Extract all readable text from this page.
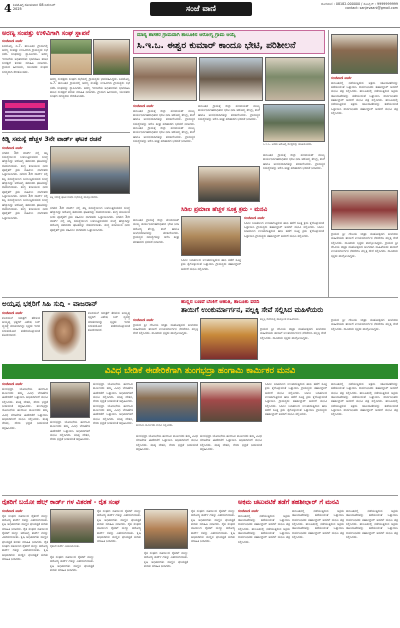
4 ಶಿವಮೊಗ್ಗ ಸೋಮವಾರ 08 ಡಿಸೆಂಬರ್ 2025	ಸಂಜೆ ವಾಣಿ	ದೂರವಾಣಿ : 08182-000000 / ಮೊಬೈಲ್ : 9999999999
contact: sanjevaani@gmail.com
ಅರಣ್ಯ ಸಂಪತ್ತು ಉಳಿವಿಗಾಗಿ ಸಂಘ ಸ್ಥಾಪನೆ
ಸಂಜೆವಾಣಿ ವಾರ್ತೆ
ಶಿವಮೊಗ್ಗ, ಡಿ.7- ತಾಲೂಕಿನ ಗ್ರಾಮದಲ್ಲಿ ಅರಣ್ಯ ಸಂಪತ್ತು ಉಳಿವಿಗಾಗಿ ಗ್ರಾಮಸ್ಥರು ಸಭೆ ನಡೆಸಿ ಸಂಘವನ್ನು ಸ್ಥಾಪಿಸಿದರು. ಅರಣ್ಯ ಇಲಾಖೆಯ ಅಧಿಕಾರಿಗಳು ಭಾಗವಹಿಸಿ ಕಾಡಿನ ಸಂರಕ್ಷಣೆ ಕುರಿತು ಮಾಹಿತಿ ನೀಡಿದರು. ಗ್ರಾಮದ ಹಿರಿಯರು, ಯುವಕರು ಸಂಘದ ಸದಸ್ಯರಾಗಿ ಸೇರಿಕೊಂಡರು.
ಅರಣ್ಯ ಸಂರಕ್ಷಣಾ ಸಂಘದ ಸಭೆಯಲ್ಲಿ ಗ್ರಾಮಸ್ಥರು ಭಾಗವಹಿಸಿದ್ದರು. ಶಿವಮೊಗ್ಗ, ಡಿ.7- ತಾಲೂಕಿನ ಗ್ರಾಮದಲ್ಲಿ ಅರಣ್ಯ ಸಂಪತ್ತು ಉಳಿವಿಗಾಗಿ ಗ್ರಾಮಸ್ಥರು ಸಭೆ ನಡೆಸಿ ಸಂಘವನ್ನು ಸ್ಥಾಪಿಸಿದರು. ಅರಣ್ಯ ಇಲಾಖೆಯ ಅಧಿಕಾರಿಗಳು ಭಾಗವಹಿಸಿ ಕಾಡಿನ ಸಂರಕ್ಷಣೆ ಕುರಿತು ಮಾಹಿತಿ ನೀಡಿದರು. ಗ್ರಾಮದ ಹಿರಿಯರು, ಯುವಕರು ಸಂಘದ ಸದಸ್ಯರಾಗಿ ಸೇರಿಕೊಂಡರು.
ಕಿಡ್ನಿ ಸಮಸ್ಯೆ ಹೆಚ್ಚಳ 3ನೇ ವಾರ್ಡ್ ಘಟಕ ರಚನೆ
ಸಂಜೆವಾಣಿ ವಾರ್ತೆ
ನಗರದ 3ನೇ ವಾರ್ಡ್ ನಲ್ಲಿ ಕಿಡ್ನಿ ಸಮಸ್ಯೆಯಿಂದ ಬಳಲುತ್ತಿರುವವರ ಸಂಖ್ಯೆ ಹೆಚ್ಚಾಗಿದ್ದು ಆರೋಗ್ಯ ತಪಾಸಣಾ ಘಟಕವನ್ನು ರಚಿಸಲಾಯಿತು. ಶುದ್ಧ ಕುಡಿಯುವ ನೀರು ಪೂರೈಕೆಗೆ ಕ್ರಮ ವಹಿಸಲು ನಾಗರಿಕರು ಒತ್ತಾಯಿಸಿದರು. ನಗರದ 3ನೇ ವಾರ್ಡ್ ನಲ್ಲಿ ಕಿಡ್ನಿ ಸಮಸ್ಯೆಯಿಂದ ಬಳಲುತ್ತಿರುವವರ ಸಂಖ್ಯೆ ಹೆಚ್ಚಾಗಿದ್ದು ಆರೋಗ್ಯ ತಪಾಸಣಾ ಘಟಕವನ್ನು ರಚಿಸಲಾಯಿತು. ಶುದ್ಧ ಕುಡಿಯುವ ನೀರು ಪೂರೈಕೆಗೆ ಕ್ರಮ ವಹಿಸಲು ನಾಗರಿಕರು ಒತ್ತಾಯಿಸಿದರು. ನಗರದ 3ನೇ ವಾರ್ಡ್ ನಲ್ಲಿ ಕಿಡ್ನಿ ಸಮಸ್ಯೆಯಿಂದ ಬಳಲುತ್ತಿರುವವರ ಸಂಖ್ಯೆ ಹೆಚ್ಚಾಗಿದ್ದು ಆರೋಗ್ಯ ತಪಾಸಣಾ ಘಟಕವನ್ನು ರಚಿಸಲಾಯಿತು. ಶುದ್ಧ ಕುಡಿಯುವ ನೀರು ಪೂರೈಕೆಗೆ ಕ್ರಮ ವಹಿಸಲು ನಾಗರಿಕರು ಒತ್ತಾಯಿಸಿದರು.
ಕಿಡ್ನಿ ಸಮಸ್ಯೆ ಘಟಕ ರಚನಾ ಸಭೆಯಲ್ಲಿ ಪಾಲ್ಗೊಂಡವರು.
ನಗರದ 3ನೇ ವಾರ್ಡ್ ನಲ್ಲಿ ಕಿಡ್ನಿ ಸಮಸ್ಯೆಯಿಂದ ಬಳಲುತ್ತಿರುವವರ ಸಂಖ್ಯೆ ಹೆಚ್ಚಾಗಿದ್ದು ಆರೋಗ್ಯ ತಪಾಸಣಾ ಘಟಕವನ್ನು ರಚಿಸಲಾಯಿತು. ಶುದ್ಧ ಕುಡಿಯುವ ನೀರು ಪೂರೈಕೆಗೆ ಕ್ರಮ ವಹಿಸಲು ನಾಗರಿಕರು ಒತ್ತಾಯಿಸಿದರು. ನಗರದ 3ನೇ ವಾರ್ಡ್ ನಲ್ಲಿ ಕಿಡ್ನಿ ಸಮಸ್ಯೆಯಿಂದ ಬಳಲುತ್ತಿರುವವರ ಸಂಖ್ಯೆ ಹೆಚ್ಚಾಗಿದ್ದು ಆರೋಗ್ಯ ತಪಾಸಣಾ ಘಟಕವನ್ನು ರಚಿಸಲಾಯಿತು. ಶುದ್ಧ ಕುಡಿಯುವ ನೀರು ಪೂರೈಕೆಗೆ ಕ್ರಮ ವಹಿಸಲು ನಾಗರಿಕರು ಒತ್ತಾಯಿಸಿದರು.
ಮಾನ್ಯ ಶಾಸಕರ ಗ್ರಾಮವಾಗಿ ತಾಲೂಕಿನ ಆರೋಗ್ಯ ಗ್ರಾಮ ಆಯ್ಕೆ
ಸಿ.ಇ.ಒ. ಈಶ್ವರ ಕುಮಾರ್ ಕಾಂದೂ ಭೇಟಿ, ಪರಿಶೀಲನೆ
ಸಂಜೆವಾಣಿ ವಾರ್ತೆ
ತಾಲೂಕಿನ ಗ್ರಾಮಕ್ಕೆ ಜಿಲ್ಲಾ ಪಂಚಾಯತ್ ಮುಖ್ಯ ಕಾರ್ಯನಿರ್ವಹಣಾಧಿಕಾರಿ ಭೇಟಿ ನೀಡಿ ಆರೋಗ್ಯ ಕೇಂದ್ರ, ಶಾಲೆ ಹಾಗೂ ಅಂಗನವಾಡಿಗಳನ್ನು ಪರಿಶೀಲಿಸಿದರು. ಗ್ರಾಮಸ್ಥರ ಸಮಸ್ಯೆಗಳನ್ನು ಆಲಿಸಿ ಶೀಘ್ರ ಪರಿಹಾರದ ಭರವಸೆ ನೀಡಿದರು. ತಾಲೂಕಿನ ಗ್ರಾಮಕ್ಕೆ ಜಿಲ್ಲಾ ಪಂಚಾಯತ್ ಮುಖ್ಯ ಕಾರ್ಯನಿರ್ವಹಣಾಧಿಕಾರಿ ಭೇಟಿ ನೀಡಿ ಆರೋಗ್ಯ ಕೇಂದ್ರ, ಶಾಲೆ ಹಾಗೂ ಅಂಗನವಾಡಿಗಳನ್ನು ಪರಿಶೀಲಿಸಿದರು. ಗ್ರಾಮಸ್ಥರ ಸಮಸ್ಯೆಗಳನ್ನು ಆಲಿಸಿ ಶೀಘ್ರ ಪರಿಹಾರದ ಭರವಸೆ ನೀಡಿದರು.
ತಾಲೂಕಿನ ಗ್ರಾಮಕ್ಕೆ ಜಿಲ್ಲಾ ಪಂಚಾಯತ್ ಮುಖ್ಯ ಕಾರ್ಯನಿರ್ವಹಣಾಧಿಕಾರಿ ಭೇಟಿ ನೀಡಿ ಆರೋಗ್ಯ ಕೇಂದ್ರ, ಶಾಲೆ ಹಾಗೂ ಅಂಗನವಾಡಿಗಳನ್ನು ಪರಿಶೀಲಿಸಿದರು. ಗ್ರಾಮಸ್ಥರ ಸಮಸ್ಯೆಗಳನ್ನು ಆಲಿಸಿ ಶೀಘ್ರ ಪರಿಹಾರದ ಭರವಸೆ ನೀಡಿದರು.
ಸಿ.ಇ.ಒ. ಅವರು ಆರೋಗ್ಯ ಕೇಂದ್ರವನ್ನು ಪರಿಶೀಲಿಸಿದರು.
ತಾಲೂಕಿನ ಗ್ರಾಮಕ್ಕೆ ಜಿಲ್ಲಾ ಪಂಚಾಯತ್ ಮುಖ್ಯ ಕಾರ್ಯನಿರ್ವಹಣಾಧಿಕಾರಿ ಭೇಟಿ ನೀಡಿ ಆರೋಗ್ಯ ಕೇಂದ್ರ, ಶಾಲೆ ಹಾಗೂ ಅಂಗನವಾಡಿಗಳನ್ನು ಪರಿಶೀಲಿಸಿದರು. ಗ್ರಾಮಸ್ಥರ ಸಮಸ್ಯೆಗಳನ್ನು ಆಲಿಸಿ ಶೀಘ್ರ ಪರಿಹಾರದ ಭರವಸೆ ನೀಡಿದರು.
ಸಿಡಿಲ ಪ್ರಮಾಣ ಹೆಚ್ಚಳ ಸೂಕ್ತ ಕ್ರಮ - ಮನವಿ
ಸಂಜೆವಾಣಿ ವಾರ್ತೆ
ಸಿಡಿಲು ಬಡಿತದಿಂದ ಉಂಟಾಗುತ್ತಿರುವ ಹಾನಿ ತಡೆಗೆ ಸೂಕ್ತ ಕ್ರಮ ಕೈಗೊಳ್ಳುವಂತೆ ಒತ್ತಾಯಿಸಿ ಗ್ರಾಮಸ್ಥರು ತಹಶೀಲ್ದಾರ್ ಅವರಿಗೆ ಮನವಿ ಸಲ್ಲಿಸಿದರು. ಸಿಡಿಲು ಬಡಿತದಿಂದ ಉಂಟಾಗುತ್ತಿರುವ ಹಾನಿ ತಡೆಗೆ ಸೂಕ್ತ ಕ್ರಮ ಕೈಗೊಳ್ಳುವಂತೆ ಒತ್ತಾಯಿಸಿ ಗ್ರಾಮಸ್ಥರು ತಹಶೀಲ್ದಾರ್ ಅವರಿಗೆ ಮನವಿ ಸಲ್ಲಿಸಿದರು.
ತಾಲೂಕಿನ ಗ್ರಾಮಕ್ಕೆ ಜಿಲ್ಲಾ ಪಂಚಾಯತ್ ಮುಖ್ಯ ಕಾರ್ಯನಿರ್ವಹಣಾಧಿಕಾರಿ ಭೇಟಿ ನೀಡಿ ಆರೋಗ್ಯ ಕೇಂದ್ರ, ಶಾಲೆ ಹಾಗೂ ಅಂಗನವಾಡಿಗಳನ್ನು ಪರಿಶೀಲಿಸಿದರು. ಗ್ರಾಮಸ್ಥರ ಸಮಸ್ಯೆಗಳನ್ನು ಆಲಿಸಿ ಶೀಘ್ರ ಪರಿಹಾರದ ಭರವಸೆ ನೀಡಿದರು.
ಸಿಡಿಲು ಬಡಿತದಿಂದ ಉಂಟಾಗುತ್ತಿರುವ ಹಾನಿ ತಡೆಗೆ ಸೂಕ್ತ ಕ್ರಮ ಕೈಗೊಳ್ಳುವಂತೆ ಒತ್ತಾಯಿಸಿ ಗ್ರಾಮಸ್ಥರು ತಹಶೀಲ್ದಾರ್ ಅವರಿಗೆ ಮನವಿ ಸಲ್ಲಿಸಿದರು.
ಸಂಜೆವಾಣಿ ವಾರ್ತೆ
ತಾಲೂಕಿನಲ್ಲಿ ನಡೆಯುತ್ತಿರುವ ಅಕ್ರಮ ಚಟುವಟಿಕೆಗಳನ್ನು ತಡೆಯುವಂತೆ ಒತ್ತಾಯಿಸಿ ಸಾರ್ವಜನಿಕರು ತಹಶೀಲ್ದಾರ್ ಅವರಿಗೆ ಮನವಿ ಪತ್ರ ಸಲ್ಲಿಸಿದರು. ತಾಲೂಕಿನಲ್ಲಿ ನಡೆಯುತ್ತಿರುವ ಅಕ್ರಮ ಚಟುವಟಿಕೆಗಳನ್ನು ತಡೆಯುವಂತೆ ಒತ್ತಾಯಿಸಿ ಸಾರ್ವಜನಿಕರು ತಹಶೀಲ್ದಾರ್ ಅವರಿಗೆ ಮನವಿ ಪತ್ರ ಸಲ್ಲಿಸಿದರು. ತಾಲೂಕಿನಲ್ಲಿ ನಡೆಯುತ್ತಿರುವ ಅಕ್ರಮ ಚಟುವಟಿಕೆಗಳನ್ನು ತಡೆಯುವಂತೆ ಒತ್ತಾಯಿಸಿ ಸಾರ್ವಜನಿಕರು ತಹಶೀಲ್ದಾರ್ ಅವರಿಗೆ ಮನವಿ ಪತ್ರ ಸಲ್ಲಿಸಿದರು.
ಗ್ರಾಮದ ಶ್ರೀ ದೇವಿಯ ಜಾತ್ರಾ ಮಹೋತ್ಸವದ ಅಂಗವಾಗಿ ಮಹಿಳೆಯರು ತಾಯಿಗೆ ಉಂಕುರ್ಮಾರ್ಗನ ನೆರವೇರಿಸಿ ಪಲ್ಲಕ್ಕಿ ಸೇವೆ ಸಲ್ಲಿಸಿದರು. ಸಾವಿರಾರು ಭಕ್ತರು ಪಾಲ್ಗೊಂಡಿದ್ದರು. ಗ್ರಾಮದ ಶ್ರೀ ದೇವಿಯ ಜಾತ್ರಾ ಮಹೋತ್ಸವದ ಅಂಗವಾಗಿ ಮಹಿಳೆಯರು ತಾಯಿಗೆ ಉಂಕುರ್ಮಾರ್ಗನ ನೆರವೇರಿಸಿ ಪಲ್ಲಕ್ಕಿ ಸೇವೆ ಸಲ್ಲಿಸಿದರು. ಸಾವಿರಾರು ಭಕ್ತರು ಪಾಲ್ಗೊಂಡಿದ್ದರು.
ಅಯ್ಯಪ್ಪ ಭಕ್ತರಿಗೆ ಸಿಹಿ ಸುದ್ದಿ - ವಾಜರಾನ್
ಸಂಜೆವಾಣಿ ವಾರ್ತೆ
ಶಬರಿಮಲೆ ಯಾತ್ರೆಗೆ ತೆರಳುವ ಅಯ್ಯಪ್ಪ ಭಕ್ತರಿಗೆ ವಿಶೇಷ ಬಸ್ ವ್ಯವಸ್ಥೆ ಮಾಡಲಾಗಿದ್ದು ಭಕ್ತರು ಇದರ ಸದುಪಯೋಗ ಪಡೆದುಕೊಳ್ಳುವಂತೆ ಕೋರಲಾಗಿದೆ.
ಶಬರಿಮಲೆ ಯಾತ್ರೆಗೆ ತೆರಳುವ ಅಯ್ಯಪ್ಪ ಭಕ್ತರಿಗೆ ವಿಶೇಷ ಬಸ್ ವ್ಯವಸ್ಥೆ ಮಾಡಲಾಗಿದ್ದು ಭಕ್ತರು ಇದರ ಸದುಪಯೋಗ ಪಡೆದುಕೊಳ್ಳುವಂತೆ ಕೋರಲಾಗಿದೆ.
ಹುಲ್ಲಿನ ಬಣವೆ ಬೆಂಕಿಗೆ ಆಹುತಿ, ತಾಲೂಕು ವರದಿ
ತಾಯಿಗೆ ಉಂಕುರ್ಮಾರ್ಗನ, ಪಲ್ಲಕ್ಕಿ ಸೇವೆ ಸಲ್ಲಿಸಿದ ಮಹಿಳೆಯರು
ಸಂಜೆವಾಣಿ ವಾರ್ತೆ
ಗ್ರಾಮದ ಶ್ರೀ ದೇವಿಯ ಜಾತ್ರಾ ಮಹೋತ್ಸವದ ಅಂಗವಾಗಿ ಮಹಿಳೆಯರು ತಾಯಿಗೆ ಉಂಕುರ್ಮಾರ್ಗನ ನೆರವೇರಿಸಿ ಪಲ್ಲಕ್ಕಿ ಸೇವೆ ಸಲ್ಲಿಸಿದರು. ಸಾವಿರಾರು ಭಕ್ತರು ಪಾಲ್ಗೊಂಡಿದ್ದರು.
ಪಲ್ಲಕ್ಕಿ ಸೇವೆಯಲ್ಲಿ ಪಾಲ್ಗೊಂಡ ಮಹಿಳೆಯರು.
ಗ್ರಾಮದ ಶ್ರೀ ದೇವಿಯ ಜಾತ್ರಾ ಮಹೋತ್ಸವದ ಅಂಗವಾಗಿ ಮಹಿಳೆಯರು ತಾಯಿಗೆ ಉಂಕುರ್ಮಾರ್ಗನ ನೆರವೇರಿಸಿ ಪಲ್ಲಕ್ಕಿ ಸೇವೆ ಸಲ್ಲಿಸಿದರು. ಸಾವಿರಾರು ಭಕ್ತರು ಪಾಲ್ಗೊಂಡಿದ್ದರು.
ಗ್ರಾಮದ ಶ್ರೀ ದೇವಿಯ ಜಾತ್ರಾ ಮಹೋತ್ಸವದ ಅಂಗವಾಗಿ ಮಹಿಳೆಯರು ತಾಯಿಗೆ ಉಂಕುರ್ಮಾರ್ಗನ ನೆರವೇರಿಸಿ ಪಲ್ಲಕ್ಕಿ ಸೇವೆ ಸಲ್ಲಿಸಿದರು. ಸಾವಿರಾರು ಭಕ್ತರು ಪಾಲ್ಗೊಂಡಿದ್ದರು.
ವಿವಿಧ ಬೇಡಿಕೆ ಈಡೇರಿಕೆಗಾಗಿ ತುಂಗಭದ್ರಾ ಹಂಗಾಮಿ ಕಾರ್ಮಿಕರ ಮನವಿ
ಸಂಜೆವಾಣಿ ವಾರ್ತೆ
ತುಂಗಭದ್ರಾ ಯೋಜನೆಯ ಹಂಗಾಮಿ ಕಾರ್ಮಿಕರು ತಮ್ಮ ವಿವಿಧ ಬೇಡಿಕೆಗಳ ಈಡೇರಿಕೆಗೆ ಒತ್ತಾಯಿಸಿ ಅಧಿಕಾರಿಗಳಿಗೆ ಮನವಿ ಸಲ್ಲಿಸಿದರು. ಕನಿಷ್ಠ ವೇತನ, ಸೇವಾ ಭದ್ರತೆ ನೀಡುವಂತೆ ಆಗ್ರಹಿಸಿದರು. ತುಂಗಭದ್ರಾ ಯೋಜನೆಯ ಹಂಗಾಮಿ ಕಾರ್ಮಿಕರು ತಮ್ಮ ವಿವಿಧ ಬೇಡಿಕೆಗಳ ಈಡೇರಿಕೆಗೆ ಒತ್ತಾಯಿಸಿ ಅಧಿಕಾರಿಗಳಿಗೆ ಮನವಿ ಸಲ್ಲಿಸಿದರು. ಕನಿಷ್ಠ ವೇತನ, ಸೇವಾ ಭದ್ರತೆ ನೀಡುವಂತೆ ಆಗ್ರಹಿಸಿದರು.
ತುಂಗಭದ್ರಾ ಯೋಜನೆಯ ಹಂಗಾಮಿ ಕಾರ್ಮಿಕರು ತಮ್ಮ ವಿವಿಧ ಬೇಡಿಕೆಗಳ ಈಡೇರಿಕೆಗೆ ಒತ್ತಾಯಿಸಿ ಅಧಿಕಾರಿಗಳಿಗೆ ಮನವಿ ಸಲ್ಲಿಸಿದರು. ಕನಿಷ್ಠ ವೇತನ, ಸೇವಾ ಭದ್ರತೆ ನೀಡುವಂತೆ ಆಗ್ರಹಿಸಿದರು.
ತುಂಗಭದ್ರಾ ಯೋಜನೆಯ ಹಂಗಾಮಿ ಕಾರ್ಮಿಕರು ತಮ್ಮ ವಿವಿಧ ಬೇಡಿಕೆಗಳ ಈಡೇರಿಕೆಗೆ ಒತ್ತಾಯಿಸಿ ಅಧಿಕಾರಿಗಳಿಗೆ ಮನವಿ ಸಲ್ಲಿಸಿದರು. ಕನಿಷ್ಠ ವೇತನ, ಸೇವಾ ಭದ್ರತೆ ನೀಡುವಂತೆ ಆಗ್ರಹಿಸಿದರು. ತುಂಗಭದ್ರಾ ಯೋಜನೆಯ ಹಂಗಾಮಿ ಕಾರ್ಮಿಕರು ತಮ್ಮ ವಿವಿಧ ಬೇಡಿಕೆಗಳ ಈಡೇರಿಕೆಗೆ ಒತ್ತಾಯಿಸಿ ಅಧಿಕಾರಿಗಳಿಗೆ ಮನವಿ ಸಲ್ಲಿಸಿದರು. ಕನಿಷ್ಠ ವೇತನ, ಸೇವಾ ಭದ್ರತೆ ನೀಡುವಂತೆ ಆಗ್ರಹಿಸಿದರು.
ಹಂಗಾಮಿ ಕಾರ್ಮಿಕರು ಮನವಿ ಸಲ್ಲಿಸಿದರು.
ತುಂಗಭದ್ರಾ ಯೋಜನೆಯ ಹಂಗಾಮಿ ಕಾರ್ಮಿಕರು ತಮ್ಮ ವಿವಿಧ ಬೇಡಿಕೆಗಳ ಈಡೇರಿಕೆಗೆ ಒತ್ತಾಯಿಸಿ ಅಧಿಕಾರಿಗಳಿಗೆ ಮನವಿ ಸಲ್ಲಿಸಿದರು. ಕನಿಷ್ಠ ವೇತನ, ಸೇವಾ ಭದ್ರತೆ ನೀಡುವಂತೆ ಆಗ್ರಹಿಸಿದರು.
ತುಂಗಭದ್ರಾ ಯೋಜನೆಯ ಹಂಗಾಮಿ ಕಾರ್ಮಿಕರು ತಮ್ಮ ವಿವಿಧ ಬೇಡಿಕೆಗಳ ಈಡೇರಿಕೆಗೆ ಒತ್ತಾಯಿಸಿ ಅಧಿಕಾರಿಗಳಿಗೆ ಮನವಿ ಸಲ್ಲಿಸಿದರು. ಕನಿಷ್ಠ ವೇತನ, ಸೇವಾ ಭದ್ರತೆ ನೀಡುವಂತೆ ಆಗ್ರಹಿಸಿದರು.
ಸಿಡಿಲು ಬಡಿತದಿಂದ ಉಂಟಾಗುತ್ತಿರುವ ಹಾನಿ ತಡೆಗೆ ಸೂಕ್ತ ಕ್ರಮ ಕೈಗೊಳ್ಳುವಂತೆ ಒತ್ತಾಯಿಸಿ ಗ್ರಾಮಸ್ಥರು ತಹಶೀಲ್ದಾರ್ ಅವರಿಗೆ ಮನವಿ ಸಲ್ಲಿಸಿದರು. ಸಿಡಿಲು ಬಡಿತದಿಂದ ಉಂಟಾಗುತ್ತಿರುವ ಹಾನಿ ತಡೆಗೆ ಸೂಕ್ತ ಕ್ರಮ ಕೈಗೊಳ್ಳುವಂತೆ ಒತ್ತಾಯಿಸಿ ಗ್ರಾಮಸ್ಥರು ತಹಶೀಲ್ದಾರ್ ಅವರಿಗೆ ಮನವಿ ಸಲ್ಲಿಸಿದರು. ಸಿಡಿಲು ಬಡಿತದಿಂದ ಉಂಟಾಗುತ್ತಿರುವ ಹಾನಿ ತಡೆಗೆ ಸೂಕ್ತ ಕ್ರಮ ಕೈಗೊಳ್ಳುವಂತೆ ಒತ್ತಾಯಿಸಿ ಗ್ರಾಮಸ್ಥರು ತಹಶೀಲ್ದಾರ್ ಅವರಿಗೆ ಮನವಿ ಸಲ್ಲಿಸಿದರು.
ತಾಲೂಕಿನಲ್ಲಿ ನಡೆಯುತ್ತಿರುವ ಅಕ್ರಮ ಚಟುವಟಿಕೆಗಳನ್ನು ತಡೆಯುವಂತೆ ಒತ್ತಾಯಿಸಿ ಸಾರ್ವಜನಿಕರು ತಹಶೀಲ್ದಾರ್ ಅವರಿಗೆ ಮನವಿ ಪತ್ರ ಸಲ್ಲಿಸಿದರು. ತಾಲೂಕಿನಲ್ಲಿ ನಡೆಯುತ್ತಿರುವ ಅಕ್ರಮ ಚಟುವಟಿಕೆಗಳನ್ನು ತಡೆಯುವಂತೆ ಒತ್ತಾಯಿಸಿ ಸಾರ್ವಜನಿಕರು ತಹಶೀಲ್ದಾರ್ ಅವರಿಗೆ ಮನವಿ ಪತ್ರ ಸಲ್ಲಿಸಿದರು. ತಾಲೂಕಿನಲ್ಲಿ ನಡೆಯುತ್ತಿರುವ ಅಕ್ರಮ ಚಟುವಟಿಕೆಗಳನ್ನು ತಡೆಯುವಂತೆ ಒತ್ತಾಯಿಸಿ ಸಾರ್ವಜನಿಕರು ತಹಶೀಲ್ದಾರ್ ಅವರಿಗೆ ಮನವಿ ಪತ್ರ ಸಲ್ಲಿಸಿದರು.
ರೈತರಿಗೆ ಬಯೋ ಹೆಲ್ತ್ ಕಾರ್ಡ್ ಗಳ ವಿತರಣೆ - ರೈತ ಸಂಘ	ಅಕ್ರಮ ಚಟುವಟಿಕೆ ತಡೆಗೆ ತಹಶೀಲ್ದಾರ್ ಗೆ ಮನವಿ
ಸಂಜೆವಾಣಿ ವಾರ್ತೆ
ರೈತ ಸಂಘದ ವತಿಯಿಂದ ರೈತರಿಗೆ ಮಣ್ಣು ಆರೋಗ್ಯ ಕಾರ್ಡ್ ಗಳನ್ನು ವಿತರಿಸಲಾಯಿತು. ಕೃಷಿ ಅಧಿಕಾರಿಗಳು ಮಣ್ಣಿನ ಫಲವತ್ತತೆ ಕುರಿತು ಮಾಹಿತಿ ನೀಡಿದರು. ರೈತ ಸಂಘದ ವತಿಯಿಂದ ರೈತರಿಗೆ ಮಣ್ಣು ಆರೋಗ್ಯ ಕಾರ್ಡ್ ಗಳನ್ನು ವಿತರಿಸಲಾಯಿತು. ಕೃಷಿ ಅಧಿಕಾರಿಗಳು ಮಣ್ಣಿನ ಫಲವತ್ತತೆ ಕುರಿತು ಮಾಹಿತಿ ನೀಡಿದರು. ರೈತ ಸಂಘದ ವತಿಯಿಂದ ರೈತರಿಗೆ ಮಣ್ಣು ಆರೋಗ್ಯ ಕಾರ್ಡ್ ಗಳನ್ನು ವಿತರಿಸಲಾಯಿತು. ಕೃಷಿ ಅಧಿಕಾರಿಗಳು ಮಣ್ಣಿನ ಫಲವತ್ತತೆ ಕುರಿತು ಮಾಹಿತಿ ನೀಡಿದರು.
ರೈತರಿಗೆ ಕಾರ್ಡ್ ವಿತರಿಸಲಾಯಿತು.
ರೈತ ಸಂಘದ ವತಿಯಿಂದ ರೈತರಿಗೆ ಮಣ್ಣು ಆರೋಗ್ಯ ಕಾರ್ಡ್ ಗಳನ್ನು ವಿತರಿಸಲಾಯಿತು. ಕೃಷಿ ಅಧಿಕಾರಿಗಳು ಮಣ್ಣಿನ ಫಲವತ್ತತೆ ಕುರಿತು ಮಾಹಿತಿ ನೀಡಿದರು.
ರೈತ ಸಂಘದ ವತಿಯಿಂದ ರೈತರಿಗೆ ಮಣ್ಣು ಆರೋಗ್ಯ ಕಾರ್ಡ್ ಗಳನ್ನು ವಿತರಿಸಲಾಯಿತು. ಕೃಷಿ ಅಧಿಕಾರಿಗಳು ಮಣ್ಣಿನ ಫಲವತ್ತತೆ ಕುರಿತು ಮಾಹಿತಿ ನೀಡಿದರು. ರೈತ ಸಂಘದ ವತಿಯಿಂದ ರೈತರಿಗೆ ಮಣ್ಣು ಆರೋಗ್ಯ ಕಾರ್ಡ್ ಗಳನ್ನು ವಿತರಿಸಲಾಯಿತು. ಕೃಷಿ ಅಧಿಕಾರಿಗಳು ಮಣ್ಣಿನ ಫಲವತ್ತತೆ ಕುರಿತು ಮಾಹಿತಿ ನೀಡಿದರು.
ರೈತ ಸಂಘದ ವತಿಯಿಂದ ರೈತರಿಗೆ ಮಣ್ಣು ಆರೋಗ್ಯ ಕಾರ್ಡ್ ಗಳನ್ನು ವಿತರಿಸಲಾಯಿತು. ಕೃಷಿ ಅಧಿಕಾರಿಗಳು ಮಣ್ಣಿನ ಫಲವತ್ತತೆ ಕುರಿತು ಮಾಹಿತಿ ನೀಡಿದರು.
ರೈತ ಸಂಘದ ವತಿಯಿಂದ ರೈತರಿಗೆ ಮಣ್ಣು ಆರೋಗ್ಯ ಕಾರ್ಡ್ ಗಳನ್ನು ವಿತರಿಸಲಾಯಿತು. ಕೃಷಿ ಅಧಿಕಾರಿಗಳು ಮಣ್ಣಿನ ಫಲವತ್ತತೆ ಕುರಿತು ಮಾಹಿತಿ ನೀಡಿದರು. ರೈತ ಸಂಘದ ವತಿಯಿಂದ ರೈತರಿಗೆ ಮಣ್ಣು ಆರೋಗ್ಯ ಕಾರ್ಡ್ ಗಳನ್ನು ವಿತರಿಸಲಾಯಿತು. ಕೃಷಿ ಅಧಿಕಾರಿಗಳು ಮಣ್ಣಿನ ಫಲವತ್ತತೆ ಕುರಿತು ಮಾಹಿತಿ ನೀಡಿದರು.
ಸಂಜೆವಾಣಿ ವಾರ್ತೆ
ತಾಲೂಕಿನಲ್ಲಿ ನಡೆಯುತ್ತಿರುವ ಅಕ್ರಮ ಚಟುವಟಿಕೆಗಳನ್ನು ತಡೆಯುವಂತೆ ಒತ್ತಾಯಿಸಿ ಸಾರ್ವಜನಿಕರು ತಹಶೀಲ್ದಾರ್ ಅವರಿಗೆ ಮನವಿ ಪತ್ರ ಸಲ್ಲಿಸಿದರು. ತಾಲೂಕಿನಲ್ಲಿ ನಡೆಯುತ್ತಿರುವ ಅಕ್ರಮ ಚಟುವಟಿಕೆಗಳನ್ನು ತಡೆಯುವಂತೆ ಒತ್ತಾಯಿಸಿ ಸಾರ್ವಜನಿಕರು ತಹಶೀಲ್ದಾರ್ ಅವರಿಗೆ ಮನವಿ ಪತ್ರ ಸಲ್ಲಿಸಿದರು.
ತಾಲೂಕಿನಲ್ಲಿ ನಡೆಯುತ್ತಿರುವ ಅಕ್ರಮ ಚಟುವಟಿಕೆಗಳನ್ನು ತಡೆಯುವಂತೆ ಒತ್ತಾಯಿಸಿ ಸಾರ್ವಜನಿಕರು ತಹಶೀಲ್ದಾರ್ ಅವರಿಗೆ ಮನವಿ ಪತ್ರ ಸಲ್ಲಿಸಿದರು. ತಾಲೂಕಿನಲ್ಲಿ ನಡೆಯುತ್ತಿರುವ ಅಕ್ರಮ ಚಟುವಟಿಕೆಗಳನ್ನು ತಡೆಯುವಂತೆ ಒತ್ತಾಯಿಸಿ ಸಾರ್ವಜನಿಕರು ತಹಶೀಲ್ದಾರ್ ಅವರಿಗೆ ಮನವಿ ಪತ್ರ ಸಲ್ಲಿಸಿದರು.
ತಾಲೂಕಿನಲ್ಲಿ ನಡೆಯುತ್ತಿರುವ ಅಕ್ರಮ ಚಟುವಟಿಕೆಗಳನ್ನು ತಡೆಯುವಂತೆ ಒತ್ತಾಯಿಸಿ ಸಾರ್ವಜನಿಕರು ತಹಶೀಲ್ದಾರ್ ಅವರಿಗೆ ಮನವಿ ಪತ್ರ ಸಲ್ಲಿಸಿದರು. ತಾಲೂಕಿನಲ್ಲಿ ನಡೆಯುತ್ತಿರುವ ಅಕ್ರಮ ಚಟುವಟಿಕೆಗಳನ್ನು ತಡೆಯುವಂತೆ ಒತ್ತಾಯಿಸಿ ಸಾರ್ವಜನಿಕರು ತಹಶೀಲ್ದಾರ್ ಅವರಿಗೆ ಮನವಿ ಪತ್ರ ಸಲ್ಲಿಸಿದರು.
